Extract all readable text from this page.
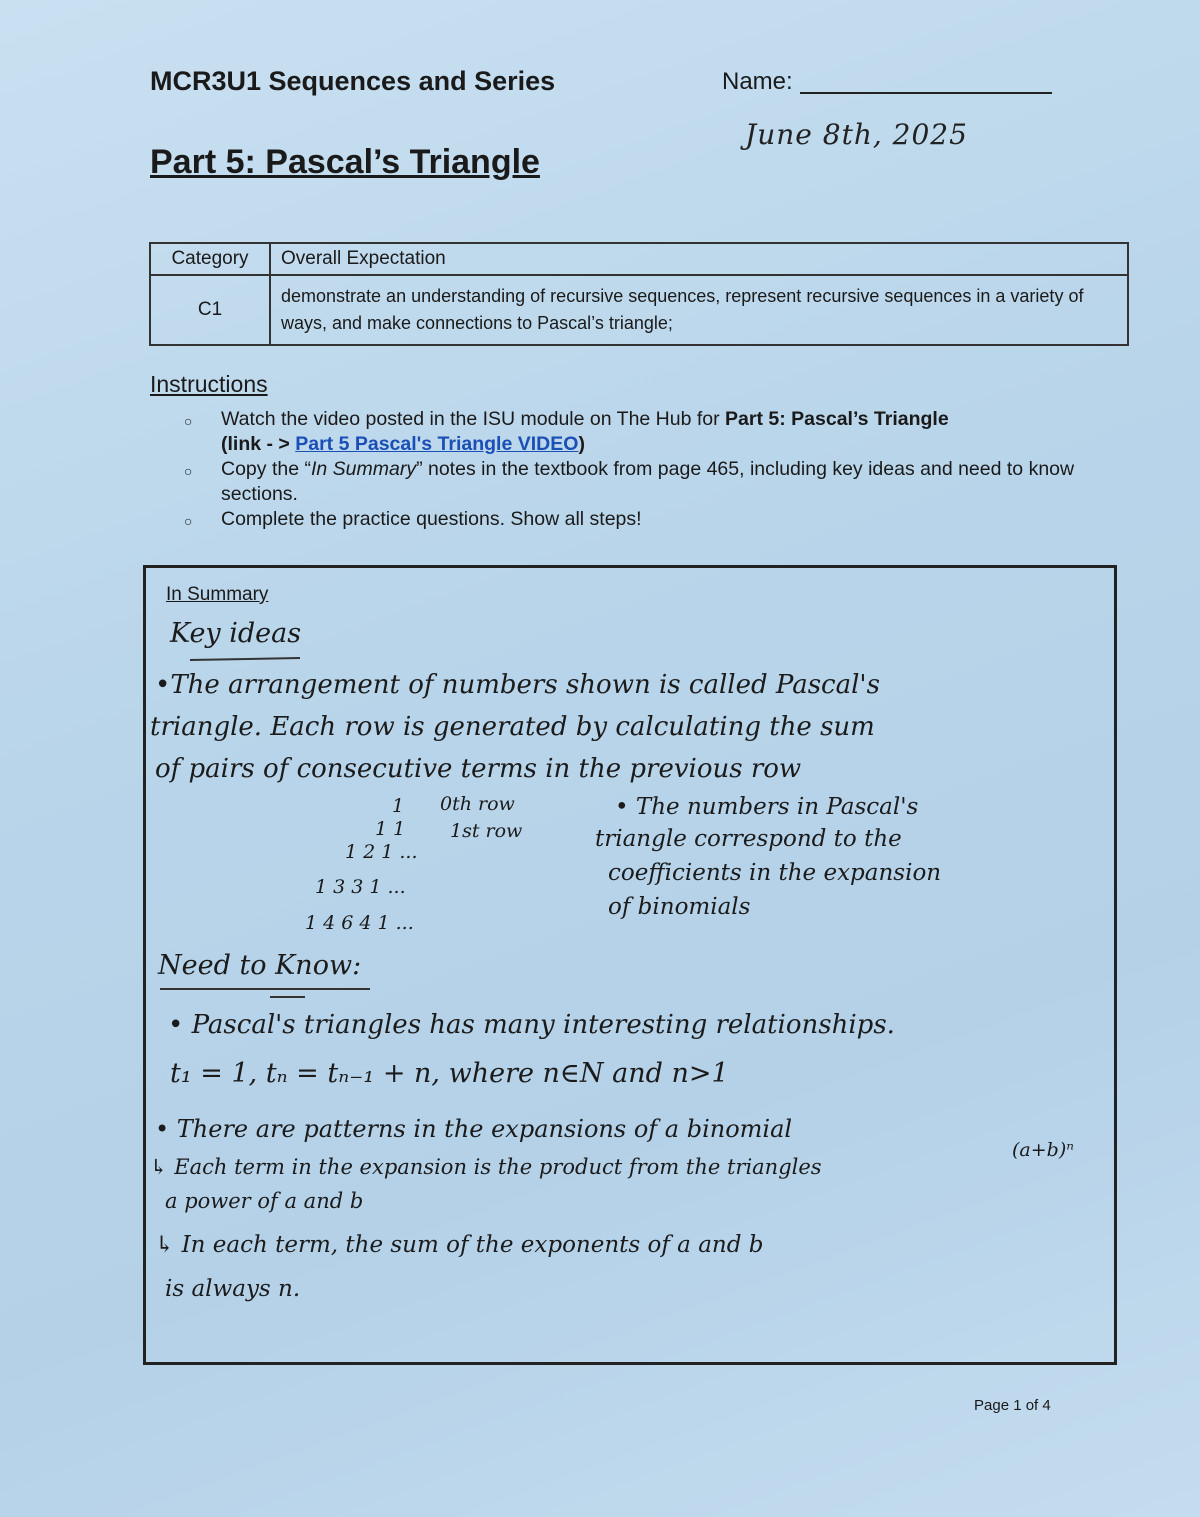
MCR3U1 Sequences and Series	Name:
June 8th, 2025
Part 5: Pascal’s Triangle
Category	Overall Expectation
C1	demonstrate an understanding of recursive sequences, represent recursive sequences in a variety of ways, and make connections to Pascal’s triangle;
Instructions
○ Watch the video posted in the ISU module on The Hub for Part 5: Pascal’s Triangle
(link - > Part 5 Pascal's Triangle VIDEO)
○ Copy the “In Summary” notes in the textbook from page 465, including key ideas and need to know sections.
○ Complete the practice questions. Show all steps!
In Summary
Key ideas
•The arrangement of numbers shown is called Pascal's
triangle. Each row is generated by calculating the sum
of pairs of consecutive terms in the previous row
1
1 1
1 2 1 ...
1 3 3 1 ...
1 4 6 4 1 ...
0th row
1st row
• The numbers in Pascal's
triangle correspond to the
coefficients in the expansion
of binomials
Need to Know:
• Pascal's triangles has many interesting relationships.
t₁ = 1, tₙ = tₙ₋₁ + n, where n∈N and n>1
• There are patterns in the expansions of a binomial
(a+b)ⁿ
↳ Each term in the expansion is the product from the triangles
a power of a and b
↳ In each term, the sum of the exponents of a and b
is always n.
Page 1 of 4
